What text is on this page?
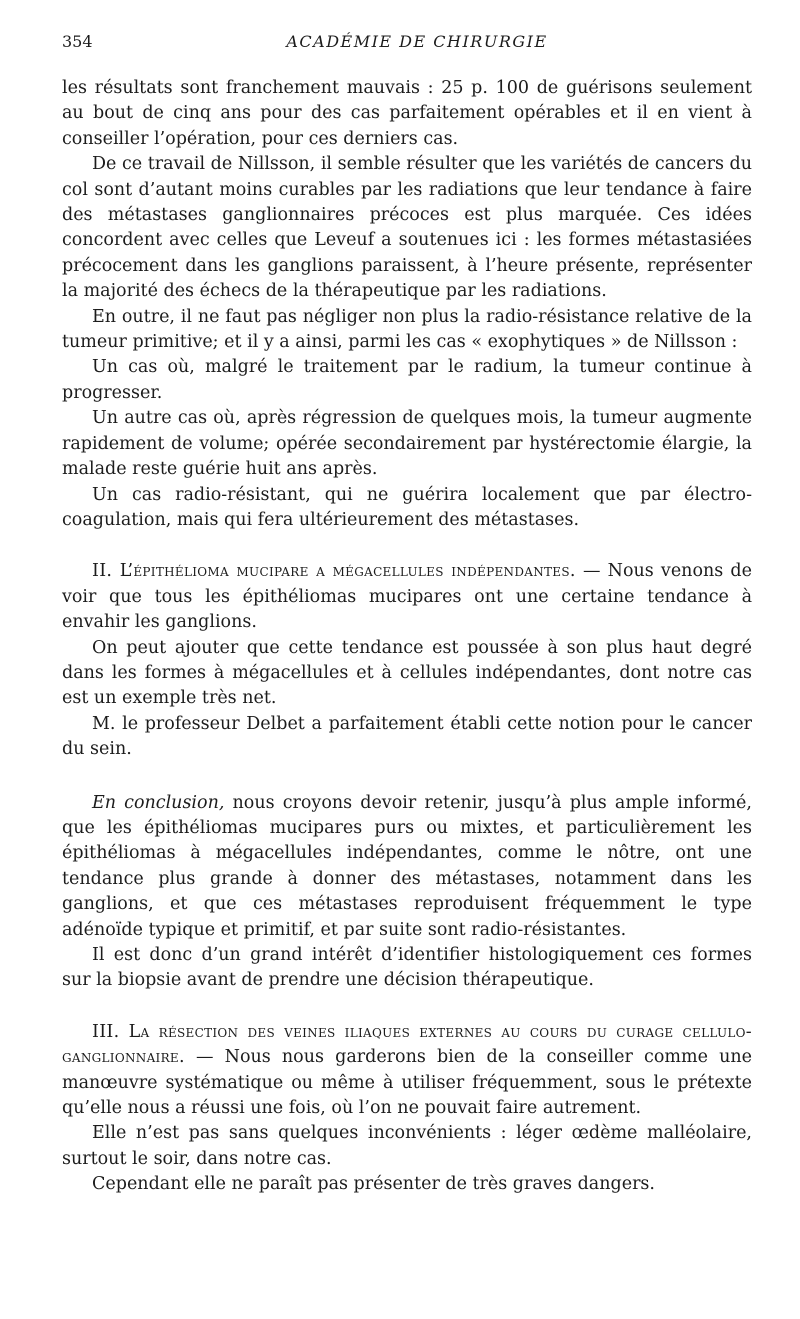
354	ACADÉMIE DE CHIRURGIE

les résultats sont franchement mauvais : 25 p. 100 de guérisons seulement au bout de cinq ans pour des cas parfaitement opérables et il en vient à conseiller l’opération, pour ces derniers cas.

De ce travail de Nillsson, il semble résulter que les variétés de cancers du col sont d’autant moins curables par les radiations que leur tendance à faire des métastases ganglionnaires précoces est plus marquée. Ces idées concordent avec celles que Leveuf a soutenues ici : les formes métastasiées précocement dans les ganglions paraissent, à l’heure présente, représenter la majorité des échecs de la thérapeutique par les radiations.

En outre, il ne faut pas négliger non plus la radio-résistance relative de la tumeur primitive; et il y a ainsi, parmi les cas « exophytiques » de Nillsson :

Un cas où, malgré le traitement par le radium, la tumeur continue à progresser.

Un autre cas où, après régression de quelques mois, la tumeur augmente rapidement de volume; opérée secondairement par hystérectomie élargie, la malade reste guérie huit ans après.

Un cas radio-résistant, qui ne guérira localement que par électro-coagulation, mais qui fera ultérieurement des métastases.

II. L’épithélioma mucipare a mégacellules indépendantes. — Nous venons de voir que tous les épithéliomas mucipares ont une certaine tendance à envahir les ganglions.

On peut ajouter que cette tendance est poussée à son plus haut degré dans les formes à mégacellules et à cellules indépendantes, dont notre cas est un exemple très net.

M. le professeur Delbet a parfaitement établi cette notion pour le cancer du sein.

En conclusion, nous croyons devoir retenir, jusqu’à plus ample informé, que les épithéliomas mucipares purs ou mixtes, et particulièrement les épithéliomas à mégacellules indépendantes, comme le nôtre, ont une tendance plus grande à donner des métastases, notamment dans les ganglions, et que ces métastases reproduisent fréquemment le type adénoïde typique et primitif, et par suite sont radio-résistantes.

Il est donc d’un grand intérêt d’identifier histologiquement ces formes sur la biopsie avant de prendre une décision thérapeutique.

III. La résection des veines iliaques externes au cours du curage cellulo-ganglionnaire. — Nous nous garderons bien de la conseiller comme une manœuvre systématique ou même à utiliser fréquemment, sous le prétexte qu’elle nous a réussi une fois, où l’on ne pouvait faire autrement.

Elle n’est pas sans quelques inconvénients : léger œdème malléolaire, surtout le soir, dans notre cas.

Cependant elle ne paraît pas présenter de très graves dangers.
